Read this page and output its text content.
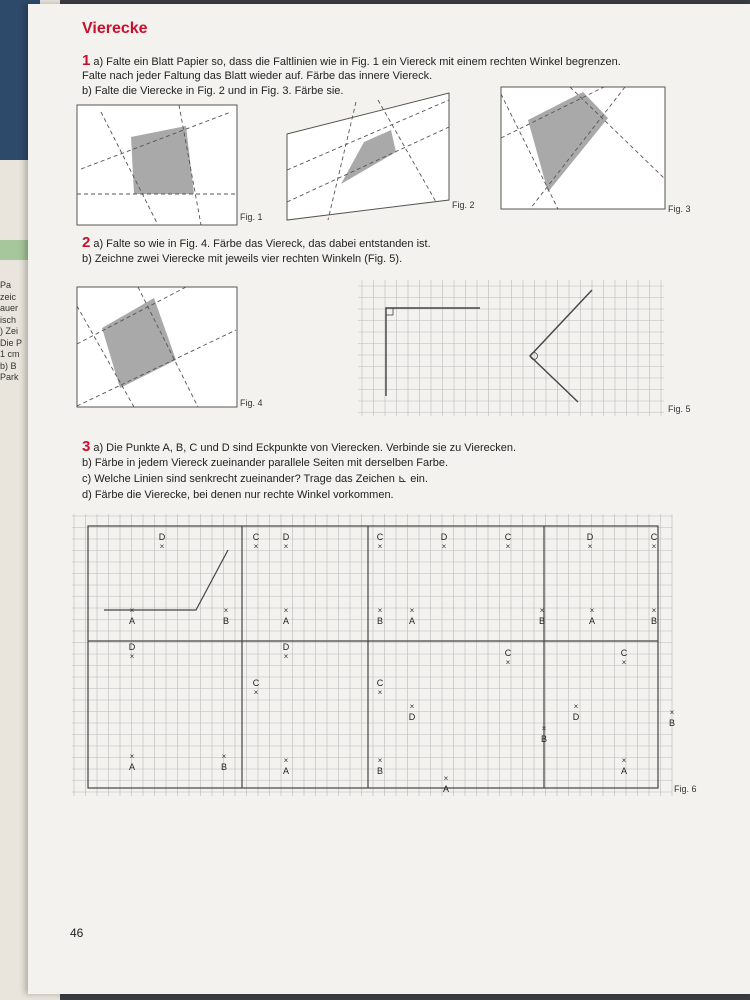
Pa
zeic
auer
isch
) Zei
Die P
1 cm
b) B
Park
Vierecke
1 a) Falte ein Blatt Papier so, dass die Faltlinien wie in Fig. 1 ein Viereck mit einem rechten Winkel begrenzen.
Falte nach jeder Faltung das Blatt wieder auf. Färbe das innere Viereck.
b) Falte die Vierecke in Fig. 2 und in Fig. 3. Färbe sie.
Fig. 1
Fig. 2	Fig. 3
2 a) Falte so wie in Fig. 4. Färbe das Viereck, das dabei entstanden ist.
b) Zeichne zwei Vierecke mit jeweils vier rechten Winkeln (Fig. 5).
Fig. 4
Fig. 5
3 a) Die Punkte A, B, C und D sind Eckpunkte von Vierecken. Verbinde sie zu Vierecken.
b) Färbe in jedem Viereck zueinander parallele Seiten mit derselben Farbe.
c) Welche Linien sind senkrecht zueinander? Trage das Zeichen ⊾ ein.
d) Färbe die Vierecke, bei denen nur rechte Winkel vorkommen.
×
A
×
B
×
A
×
B
×
A
×
B
×
A
×
B
×
D
×
C
×
D
×
C
×
D
×
C
×
D
×
C
×
A
×
B
×
A
×
B
×
A
×
B
×
A
×
B
×
D
×
D
×
C
×
C
×
D
×
C
×
D
×
C
Fig. 6
46
